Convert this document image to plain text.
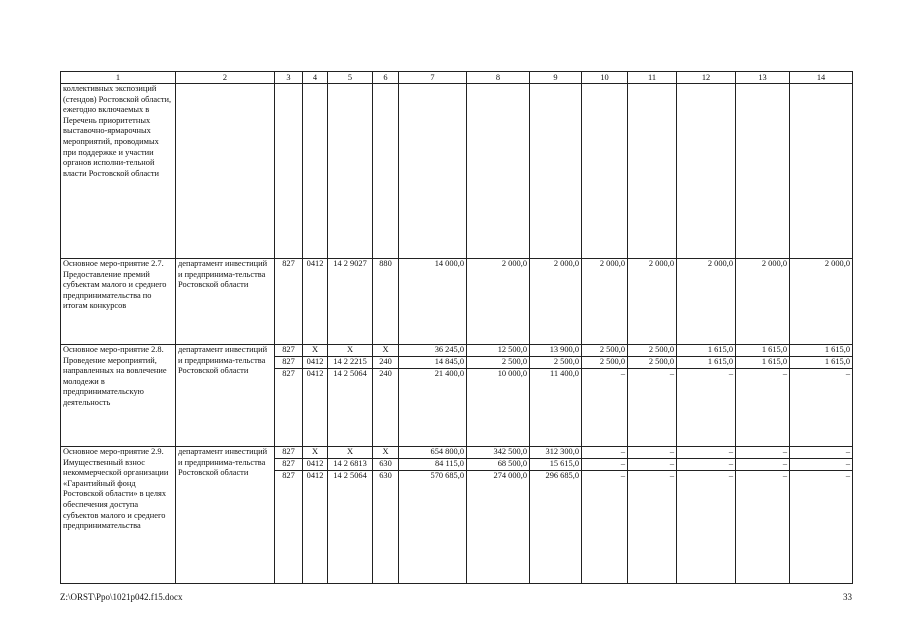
1	2	3	4	5	6	7	8	9	10	11	12	13	14
коллективных экспозиций (стендов) Ростовской области, ежегодно включаемых в Перечень приоритетных выставочно-ярмарочных мероприятий, проводимых при поддержке и участии органов исполни-тельной власти Ростовской области													
Основное меро-приятие 2.7. Предоставление премий субъектам малого и среднего предпринимательства по итогам конкурсов	департамент инвестиций и предпринима-тельства Ростовской области	827	0412	14 2 9027	880	14 000,0	2 000,0	2 000,0	2 000,0	2 000,0	2 000,0	2 000,0	2 000,0
Основное меро-приятие 2.8. Проведение мероприятий, направленных на вовлечение молодежи в предпринимательскую деятельность	департамент инвестиций и предпринима-тельства Ростовской области	827	Х	Х	Х	36 245,0	12 500,0	13 900,0	2 500,0	2 500,0	1 615,0	1 615,0	1 615,0
		827	0412	14 2 2215	240	14 845,0	2 500,0	2 500,0	2 500,0	2 500,0	1 615,0	1 615,0	1 615,0
		827	0412	14 2 5064	240	21 400,0	10 000,0	11 400,0	–	–	–	–	–
Основное меро-приятие 2.9. Имущественный взнос некоммерческой организации «Гарантийный фонд Ростовской области» в целях обеспечения доступа субъектов малого и среднего предпринимательства	департамент инвестиций и предпринима-тельства Ростовской области	827	Х	Х	Х	654 800,0	342 500,0	312 300,0	–	–	–	–	–
		827	0412	14 2 6813	630	84 115,0	68 500,0	15 615,0	–	–	–	–	–
		827	0412	14 2 5064	630	570 685,0	274 000,0	296 685,0	–	–	–	–	–
Z:\ORST\Ppo\1021p042.f15.docx	33
